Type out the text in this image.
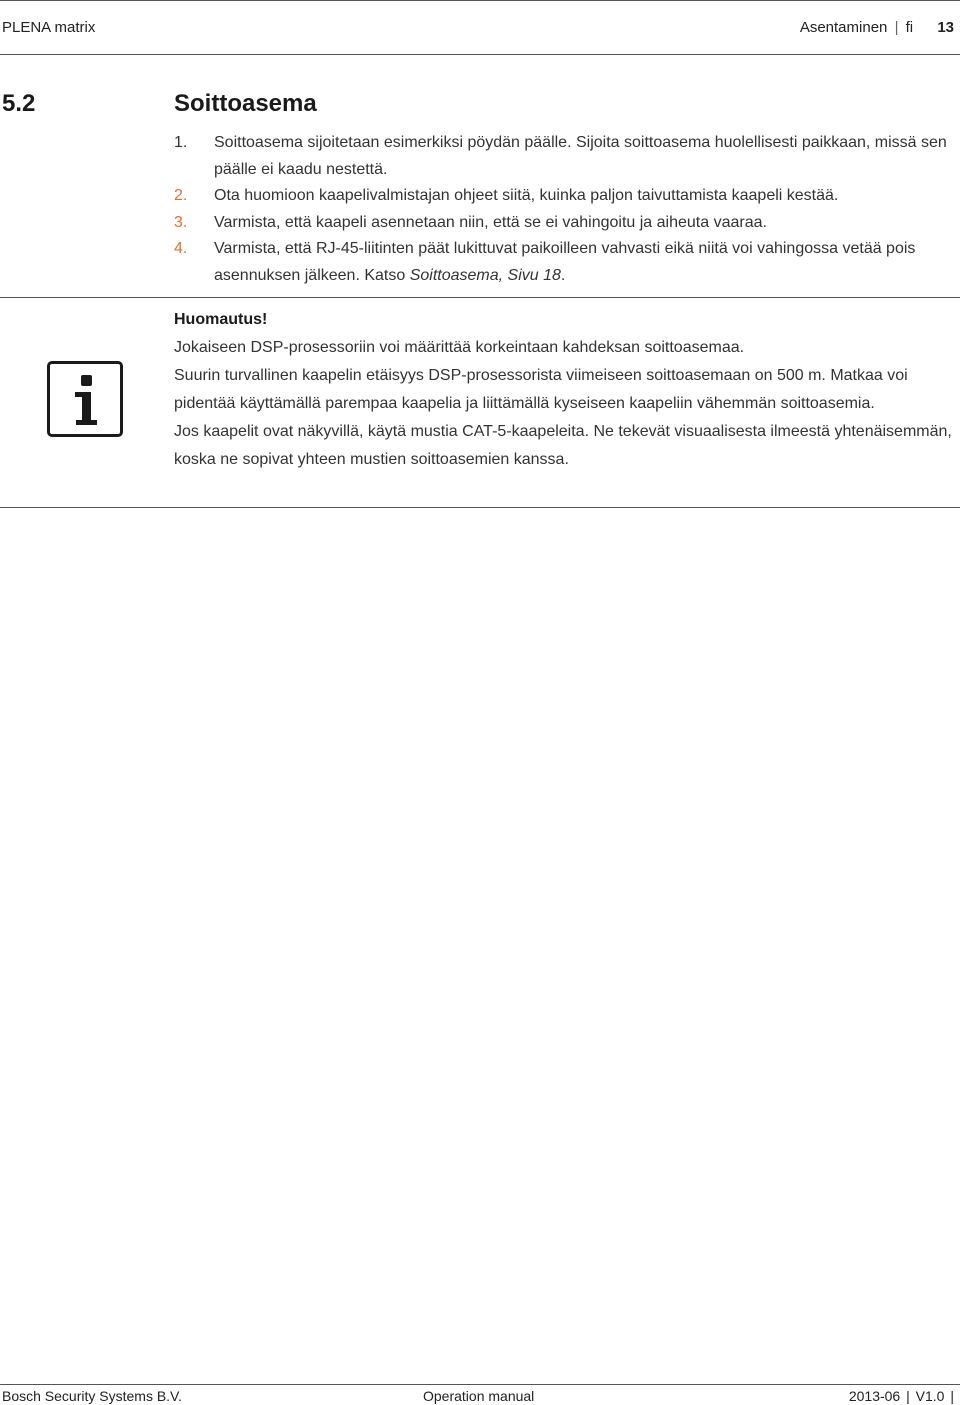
PLENA matrix	Asentaminen | fi 13
5.2	Soittoasema
1. Soittoasema sijoitetaan esimerkiksi pöydän päälle. Sijoita soittoasema huolellisesti paikkaan, missä sen päälle ei kaadu nestettä.
2. Ota huomioon kaapelivalmistajan ohjeet siitä, kuinka paljon taivuttamista kaapeli kestää.
3. Varmista, että kaapeli asennetaan niin, että se ei vahingoitu ja aiheuta vaaraa.
4. Varmista, että RJ-45-liitinten päät lukittuvat paikoilleen vahvasti eikä niitä voi vahingossa vetää pois asennuksen jälkeen. Katso Soittoasema, Sivu 18.
Huomautus!

Jokaiseen DSP-prosessoriin voi määrittää korkeintaan kahdeksan soittoasemaa.

Suurin turvallinen kaapelin etäisyys DSP-prosessorista viimeiseen soittoasemaan on 500 m. Matkaa voi pidentää käyttämällä parempaa kaapelia ja liittämällä kyseiseen kaapeliin vähemmän soittoasemia.

Jos kaapelit ovat näkyvillä, käytä mustia CAT-5-kaapeleita. Ne tekevät visuaalisesta ilmeestä yhtenäisemmän, koska ne sopivat yhteen mustien soittoasemien kanssa.

Bosch Security Systems B.V.	Operation manual	2013-06 | V1.0 |
